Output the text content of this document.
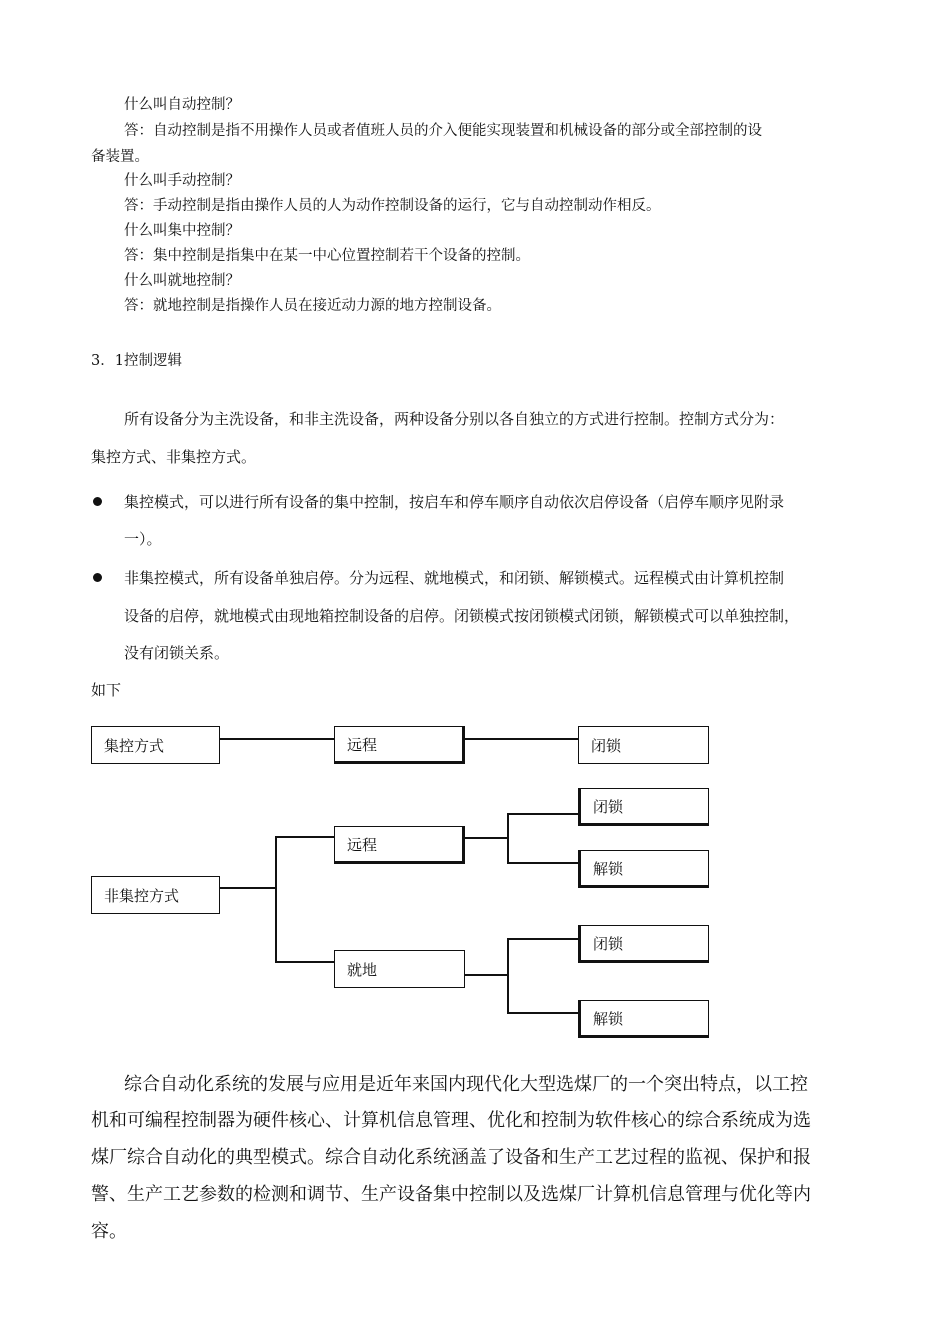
什么叫自动控制？
答：自动控制是指不用操作人员或者值班人员的介入便能实现装置和机械设备的部分或全部控制的设
备装置。
什么叫手动控制？
答：手动控制是指由操作人员的人为动作控制设备的运行，它与自动控制动作相反。
什么叫集中控制？
答：集中控制是指集中在某一中心位置控制若干个设备的控制。
什么叫就地控制？
答：就地控制是指操作人员在接近动力源的地方控制设备。
3．1控制逻辑
所有设备分为主洗设备，和非主洗设备，两种设备分别以各自独立的方式进行控制。控制方式分为：
集控方式、非集控方式。
集控模式，可以进行所有设备的集中控制，按启车和停车顺序自动依次启停设备（启停车顺序见附录
一）。
非集控模式，所有设备单独启停。分为远程、就地模式，和闭锁、解锁模式。远程模式由计算机控制
设备的启停，就地模式由现地箱控制设备的启停。闭锁模式按闭锁模式闭锁，解锁模式可以单独控制，
没有闭锁关系。
如下
集控方式	远程	闭锁
非集控方式
远程
闭锁
解锁
就地
闭锁
解锁
综合自动化系统的发展与应用是近年来国内现代化大型选煤厂的一个突出特点，以工控
机和可编程控制器为硬件核心、计算机信息管理、优化和控制为软件核心的综合系统成为选
煤厂综合自动化的典型模式。综合自动化系统涵盖了设备和生产工艺过程的监视、保护和报
警、生产工艺参数的检测和调节、生产设备集中控制以及选煤厂计算机信息管理与优化等内
容。
